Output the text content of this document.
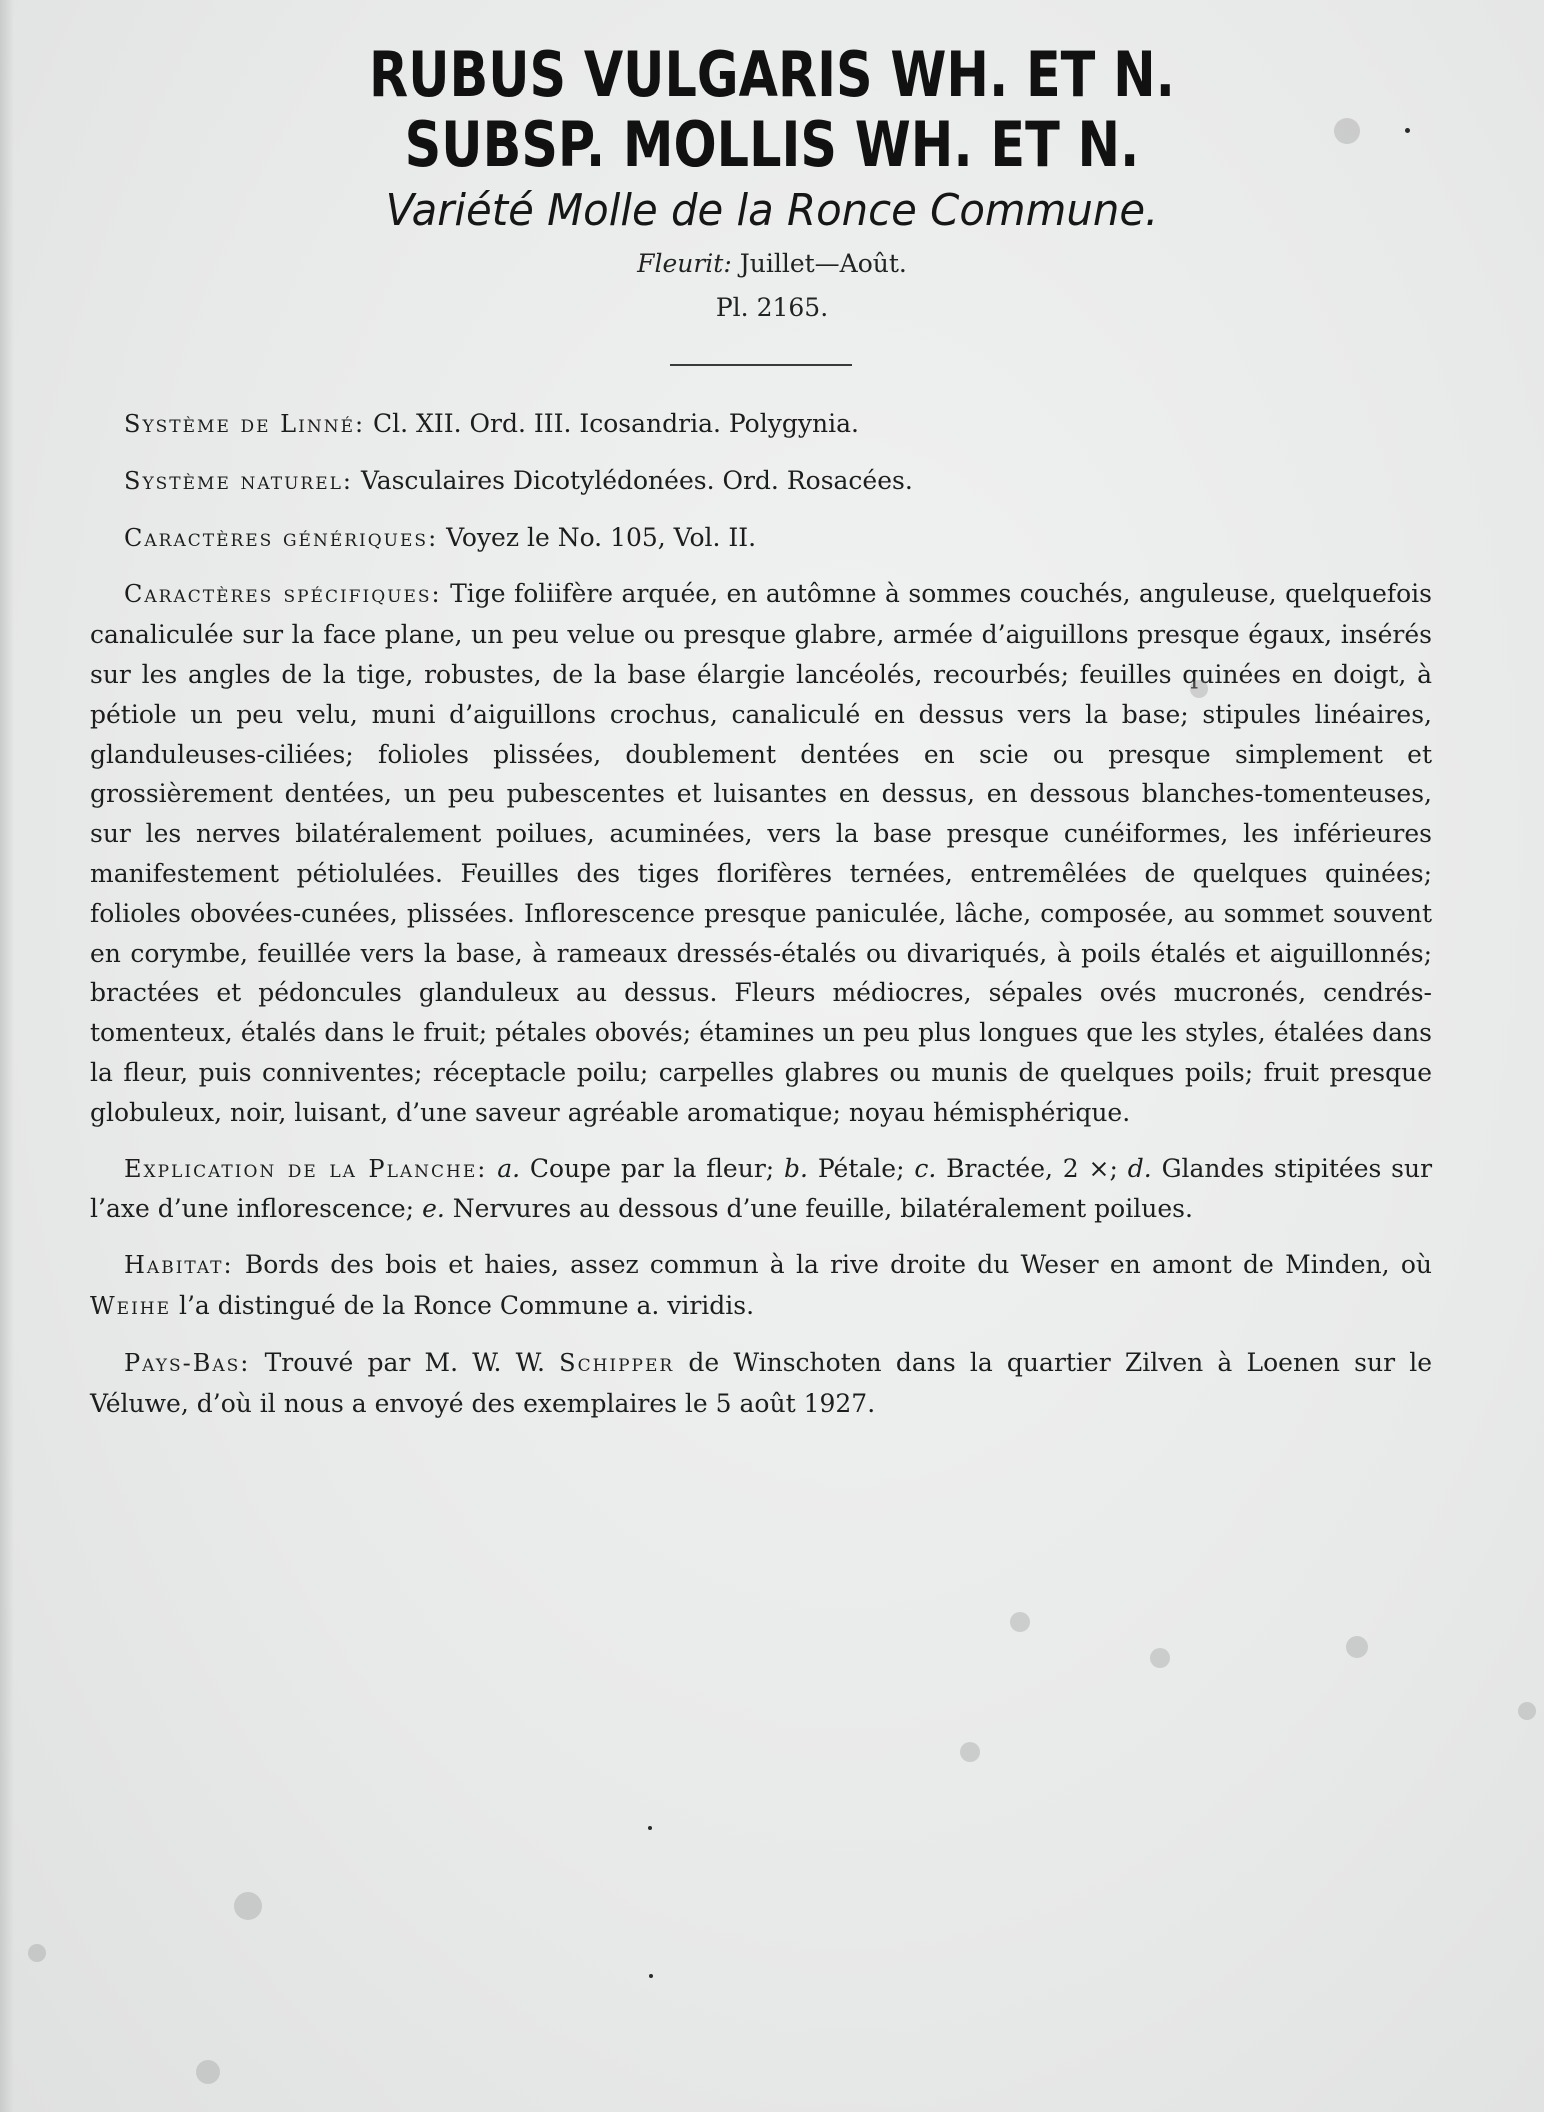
RUBUS VULGARIS WH. ET N.
SUBSP. MOLLIS WH. ET N.
Variété Molle de la Ronce Commune.
Fleurit: Juillet—Août.
Pl. 2165.

Système de Linné: Cl. XII. Ord. III. Icosandria. Polygynia.

Système naturel: Vasculaires Dicotylédonées. Ord. Rosacées.

Caractères génériques: Voyez le No. 105, Vol. II.

Caractères spécifiques: Tige foliifère arquée, en autômne à sommes couchés, anguleuse, quelquefois canaliculée sur la face plane, un peu velue ou presque glabre, armée d’aiguillons presque égaux, insérés sur les angles de la tige, robustes, de la base élargie lancéolés, recourbés; feuilles quinées en doigt, à pétiole un peu velu, muni d’aiguillons crochus, canaliculé en dessus vers la base; stipules linéaires, glanduleuses-ciliées; folioles plissées, doublement dentées en scie ou presque simplement et grossièrement dentées, un peu pubescentes et luisantes en dessus, en dessous blanches-tomenteuses, sur les nerves bilatéralement poilues, acuminées, vers la base presque cunéiformes, les inférieures manifestement pétiolulées. Feuilles des tiges florifères ternées, entremêlées de quelques quinées; folioles obovées-cunées, plissées. Inflorescence presque paniculée, lâche, composée, au sommet souvent en corymbe, feuillée vers la base, à rameaux dressés-étalés ou divariqués, à poils étalés et aiguillonnés; bractées et pédoncules glanduleux au dessus. Fleurs médiocres, sépales ovés mucronés, cendrés-tomenteux, étalés dans le fruit; pétales obovés; étamines un peu plus longues que les styles, étalées dans la fleur, puis conniventes; réceptacle poilu; carpelles glabres ou munis de quelques poils; fruit presque globuleux, noir, luisant, d’une saveur agréable aromatique; noyau hémisphérique.

Explication de la Planche: a. Coupe par la fleur; b. Pétale; c. Bractée, 2 ×; d. Glandes stipitées sur l’axe d’une inflorescence; e. Nervures au dessous d’une feuille, bilatéralement poilues.

Habitat: Bords des bois et haies, assez commun à la rive droite du Weser en amont de Minden, où Weihe l’a distingué de la Ronce Commune a. viridis.

Pays-Bas: Trouvé par M. W. W. Schipper de Winschoten dans la quartier Zilven à Loenen sur le Véluwe, d’où il nous a envoyé des exemplaires le 5 août 1927.
